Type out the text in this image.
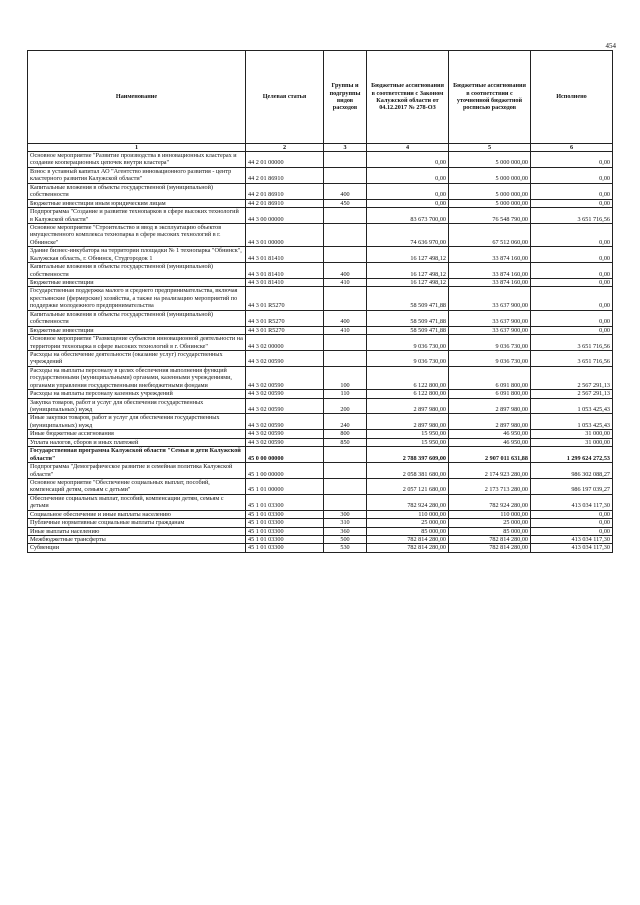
454
Наименование	Целевая статья	Группы и подгруппы видов расходов	Бюджетные ассигнования в соответствии с Законом Калужской области от 04.12.2017 № 278-ОЗ	Бюджетные ассигнования в соответствии с уточненной бюджетной росписью расходов	Исполнено
1	2	3	4	5	6
Основное мероприятие "Развитие производства в инновационных кластерах и создание кооперационных цепочек внутри кластера"	44 2 01 00000		0,00	5 000 000,00	0,00
Взнос в уставный капитал АО "Агентство инновационного развития - центр кластерного развития Калужской области"	44 2 01 86910		0,00	5 000 000,00	0,00
Капитальные вложения в объекты государственной (муниципальной) собственности	44 2 01 86910	400	0,00	5 000 000,00	0,00
Бюджетные инвестиции иным юридическим лицам	44 2 01 86910	450	0,00	5 000 000,00	0,00
Подпрограмма "Создание и развитие технопарков в сфере высоких технологий в Калужской области"	44 3 00 00000		83 673 700,00	76 548 790,00	3 651 716,56
Основное мероприятие "Строительство и ввод в эксплуатацию объектов имущественного комплекса технопарка в сфере высоких технологий в г. Обнинске"	44 3 01 00000		74 636 970,00	67 512 060,00	0,00
Здание бизнес-инкубатора на территории площадки № 1 технопарка "Обнинск", Калужская область, г. Обнинск, Студгородок 1	44 3 01 81410		16 127 498,12	33 874 160,00	0,00
Капитальные вложения в объекты государственной (муниципальной) собственности	44 3 01 81410	400	16 127 498,12	33 874 160,00	0,00
Бюджетные инвестиции	44 3 01 81410	410	16 127 498,12	33 874 160,00	0,00
Государственная поддержка малого и среднего предпринимательства, включая крестьянские (фермерские) хозяйства, а также на реализацию мероприятий по поддержке молодежного предпринимательства	44 3 01 R5270		58 509 471,88	33 637 900,00	0,00
Капитальные вложения в объекты государственной (муниципальной) собственности	44 3 01 R5270	400	58 509 471,88	33 637 900,00	0,00
Бюджетные инвестиции	44 3 01 R5270	410	58 509 471,88	33 637 900,00	0,00
Основное мероприятие "Размещение субъектов инновационной деятельности на территории технопарка в сфере высоких технологий в г. Обнинске"	44 3 02 00000		9 036 730,00	9 036 730,00	3 651 716,56
Расходы на обеспечение деятельности (оказание услуг) государственных учреждений	44 3 02 00590		9 036 730,00	9 036 730,00	3 651 716,56
Расходы на выплаты персоналу в целях обеспечения выполнения функций государственными (муниципальными) органами, казенными учреждениями, органами управления государственными внебюджетными фондами	44 3 02 00590	100	6 122 800,00	6 091 800,00	2 567 291,13
Расходы на выплаты персоналу казенных учреждений	44 3 02 00590	110	6 122 800,00	6 091 800,00	2 567 291,13
Закупка товаров, работ и услуг для обеспечения государственных (муниципальных) нужд	44 3 02 00590	200	2 897 980,00	2 897 980,00	1 053 425,43
Иные закупки товаров, работ и услуг для обеспечения государственных (муниципальных) нужд	44 3 02 00590	240	2 897 980,00	2 897 980,00	1 053 425,43
Иные бюджетные ассигнования	44 3 02 00590	800	15 950,00	46 950,00	31 000,00
Уплата налогов, сборов и иных платежей	44 3 02 00590	850	15 950,00	46 950,00	31 000,00
Государственная программа Калужской области "Семья и дети Калужской области"	45 0 00 00000		2 788 397 609,00	2 907 011 631,88	1 299 624 272,53
Подпрограмма "Демографическое развитие и семейная политика Калужской области"	45 1 00 00000		2 058 381 680,00	2 174 923 280,00	986 302 088,27
Основное мероприятие "Обеспечение социальных выплат, пособий, компенсаций детям, семьям с детьми"	45 1 01 00000		2 057 121 680,00	2 173 713 280,00	986 197 039,27
Обеспечение социальных выплат, пособий, компенсации детям, семьям с детьми	45 1 01 03300		782 924 280,00	782 924 280,00	413 034 117,30
Социальное обеспечение и иные выплаты населению	45 1 01 03300	300	110 000,00	110 000,00	0,00
Публичные нормативные социальные выплаты гражданам	45 1 01 03300	310	25 000,00	25 000,00	0,00
Иные выплаты населению	45 1 01 03300	360	85 000,00	85 000,00	0,00
Межбюджетные трансферты	45 1 01 03300	500	782 814 280,00	782 814 280,00	413 034 117,30
Субвенции	45 1 01 03300	530	782 814 280,00	782 814 280,00	413 034 117,30
